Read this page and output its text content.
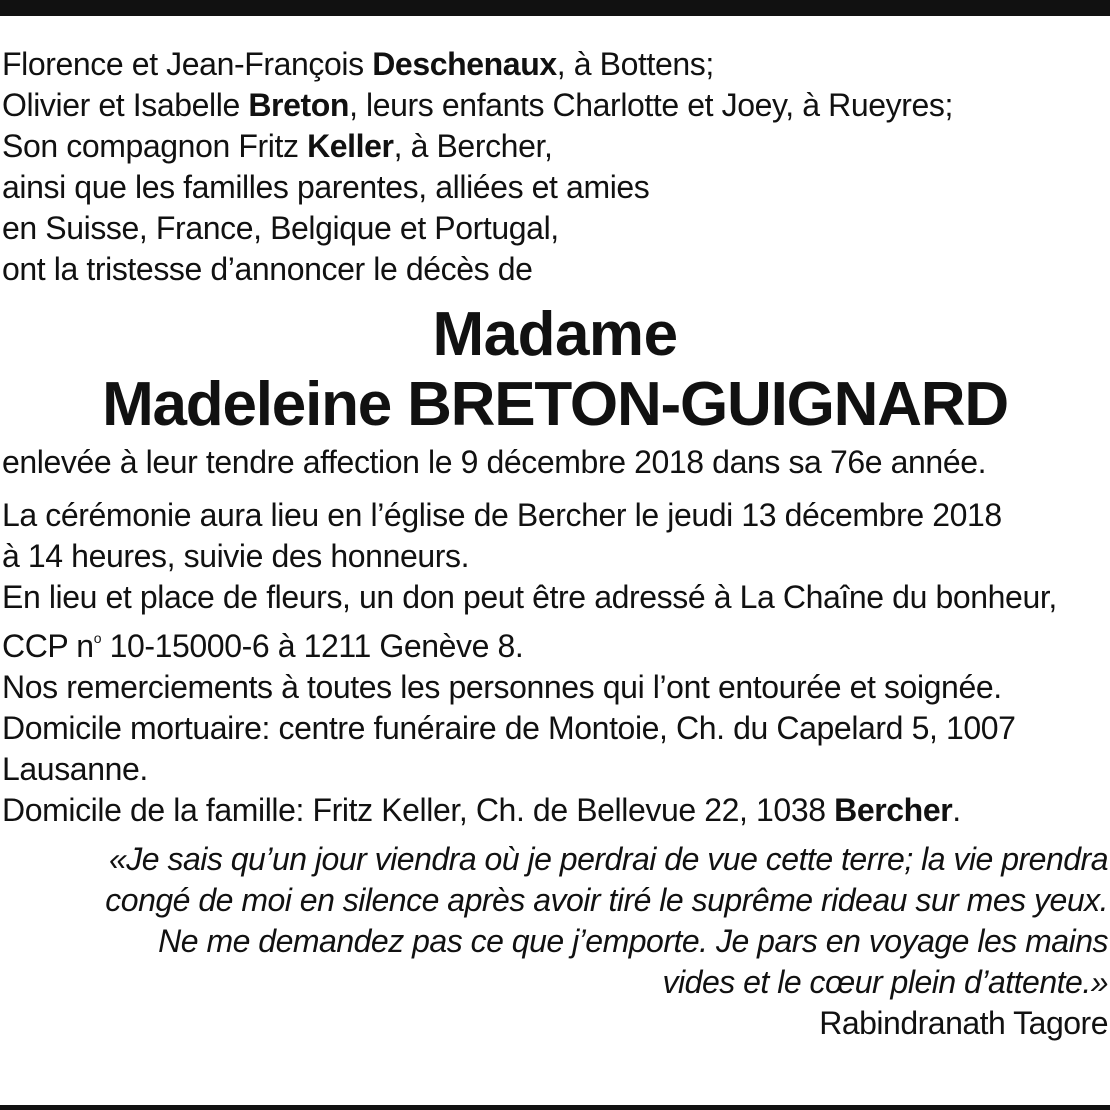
Florence et Jean-François Deschenaux, à Bottens;
Olivier et Isabelle Breton, leurs enfants Charlotte et Joey, à Rueyres;
Son compagnon Fritz Keller, à Bercher,
ainsi que les familles parentes, alliées et amies
en Suisse, France, Belgique et Portugal,
ont la tristesse d’annoncer le décès de
Madame
Madeleine BRETON-GUIGNARD
enlevée à leur tendre affection le 9 décembre 2018 dans sa 76e année.
La cérémonie aura lieu en l’église de Bercher le jeudi 13 décembre 2018
à 14 heures, suivie des honneurs.
En lieu et place de fleurs, un don peut être adressé à La Chaîne du bonheur,
CCP $n^o$ 10-15000-6 à 1211 Genève 8.
Nos remerciements à toutes les personnes qui l’ont entourée et soignée.
Domicile mortuaire: centre funéraire de Montoie, Ch. du Capelard 5, 1007
Lausanne.
Domicile de la famille: Fritz Keller, Ch. de Bellevue 22, 1038 Bercher.
«Je sais qu’un jour viendra où je perdrai de vue cette terre; la vie prendra
congé de moi en silence après avoir tiré le suprême rideau sur mes yeux.
Ne me demandez pas ce que j’emporte. Je pars en voyage les mains
vides et le cœur plein d’attente.»
Rabindranath Tagore
